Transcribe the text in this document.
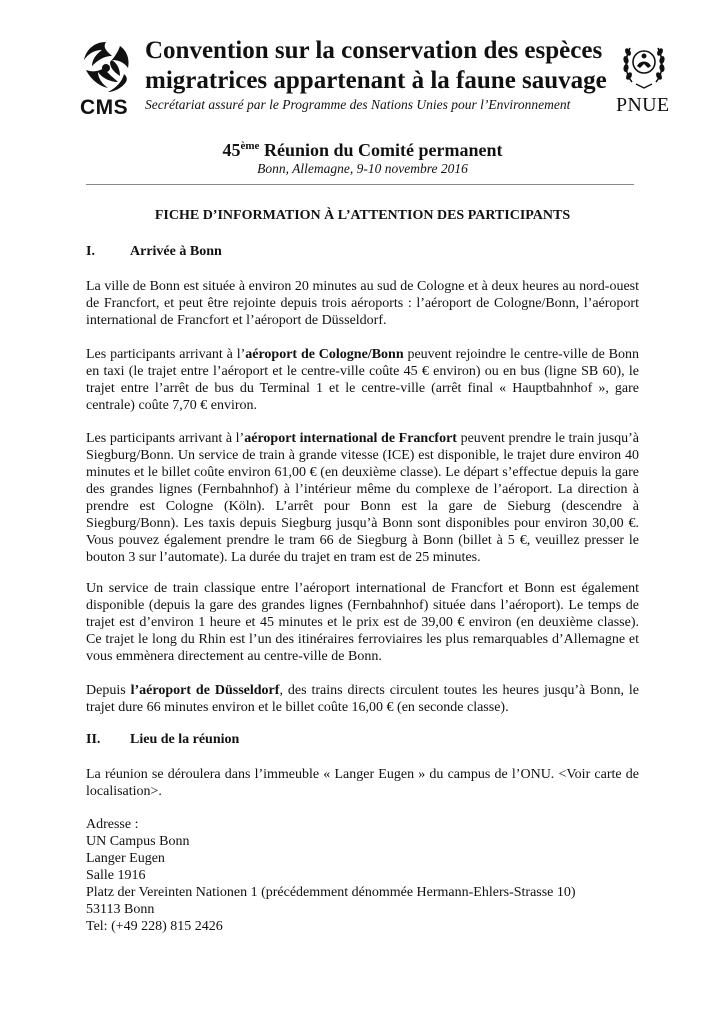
CMS
Convention sur la conservation des espèces
migratrices appartenant à la faune sauvage
Secrétariat assuré par le Programme des Nations Unies pour l’Environnement PNUE
45ème Réunion du Comité permanent
Bonn, Allemagne, 9-10 novembre 2016
FICHE D’INFORMATION À L’ATTENTION DES PARTICIPANTS
I.	Arrivée à Bonn

La ville de Bonn est située à environ 20 minutes au sud de Cologne et à deux heures au nord-ouest de Francfort, et peut être rejointe depuis trois aéroports : l’aéroport de Cologne/Bonn, l’aéroport international de Francfort et l’aéroport de Düsseldorf.

Les participants arrivant à l’aéroport de Cologne/Bonn peuvent rejoindre le centre-ville de Bonn en taxi (le trajet entre l’aéroport et le centre-ville coûte 45 € environ) ou en bus (ligne SB 60), le trajet entre l’arrêt de bus du Terminal 1 et le centre-ville (arrêt final « Hauptbahnhof », gare centrale) coûte 7,70 € environ.

Les participants arrivant à l’aéroport international de Francfort peuvent prendre le train jusqu’à Siegburg/Bonn. Un service de train à grande vitesse (ICE) est disponible, le trajet dure environ 40 minutes et le billet coûte environ 61,00 € (en deuxième classe). Le départ s’effectue depuis la gare des grandes lignes (Fernbahnhof) à l’intérieur même du complexe de l’aéroport. La direction à prendre est Cologne (Köln). L’arrêt pour Bonn est la gare de Sieburg (descendre à Siegburg/Bonn). Les taxis depuis Siegburg jusqu’à Bonn sont disponibles pour environ 30,00 €. Vous pouvez également prendre le tram 66 de Siegburg à Bonn (billet à 5 €, veuillez presser le bouton 3 sur l’automate). La durée du trajet en tram est de 25 minutes.

Un service de train classique entre l’aéroport international de Francfort et Bonn est également disponible (depuis la gare des grandes lignes (Fernbahnhof) située dans l’aéroport). Le temps de trajet est d’environ 1 heure et 45 minutes et le prix est de 39,00 € environ (en deuxième classe). Ce trajet le long du Rhin est l’un des itinéraires ferroviaires les plus remarquables d’Allemagne et vous emmènera directement au centre-ville de Bonn.

Depuis l’aéroport de Düsseldorf, des trains directs circulent toutes les heures jusqu’à Bonn, le trajet dure 66 minutes environ et le billet coûte 16,00 € (en seconde classe).

II. Lieu de la réunion

La réunion se déroulera dans l’immeuble « Langer Eugen » du campus de l’ONU. <Voir carte de localisation>.

Adresse :
UN Campus Bonn
Langer Eugen
Salle 1916
Platz der Vereinten Nationen 1 (précédemment dénommée Hermann-Ehlers-Strasse 10)
53113 Bonn
Tel: (+49 228) 815 2426
